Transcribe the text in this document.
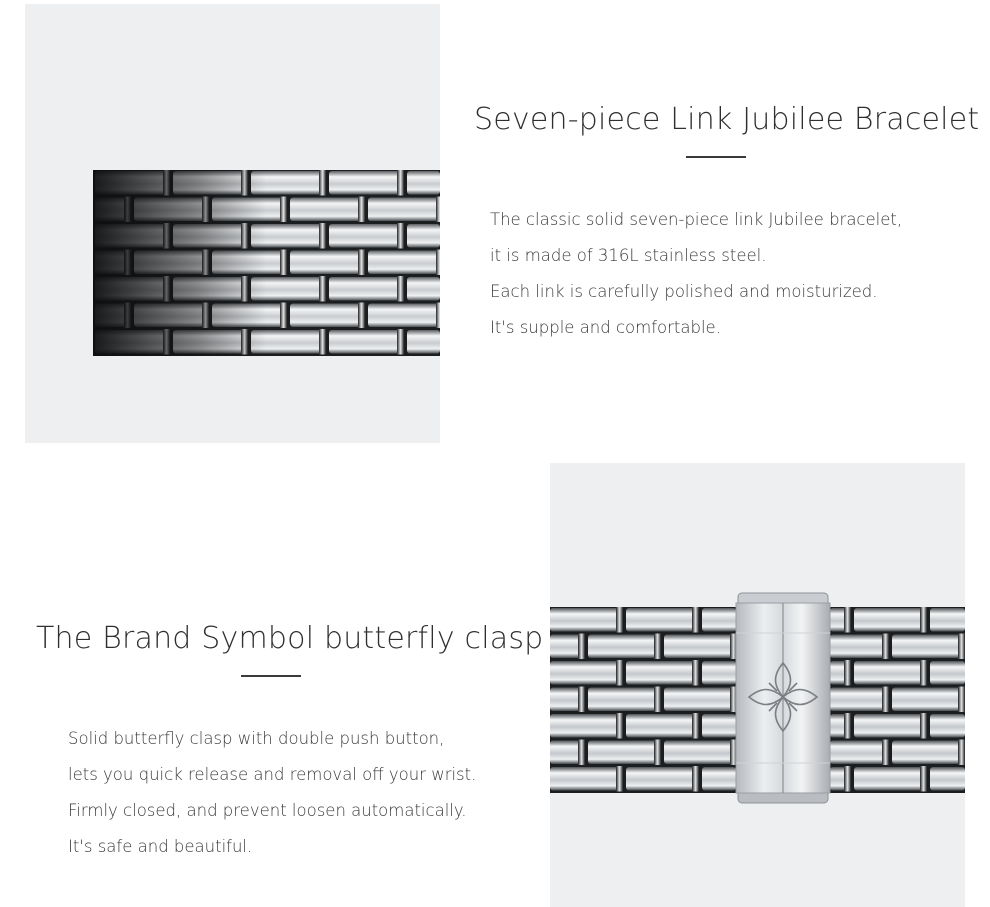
Seven-piece Link Jubilee Bracelet
The classic solid seven-piece link Jubilee bracelet,
it is made of 316L stainless steel.
Each link is carefully polished and moisturized.
It's supple and comfortable.
The Brand Symbol butterfly clasp
Solid butterfly clasp with double push button,
lets you quick release and removal off your wrist.
Firmly closed, and prevent loosen automatically.
It's safe and beautiful.
